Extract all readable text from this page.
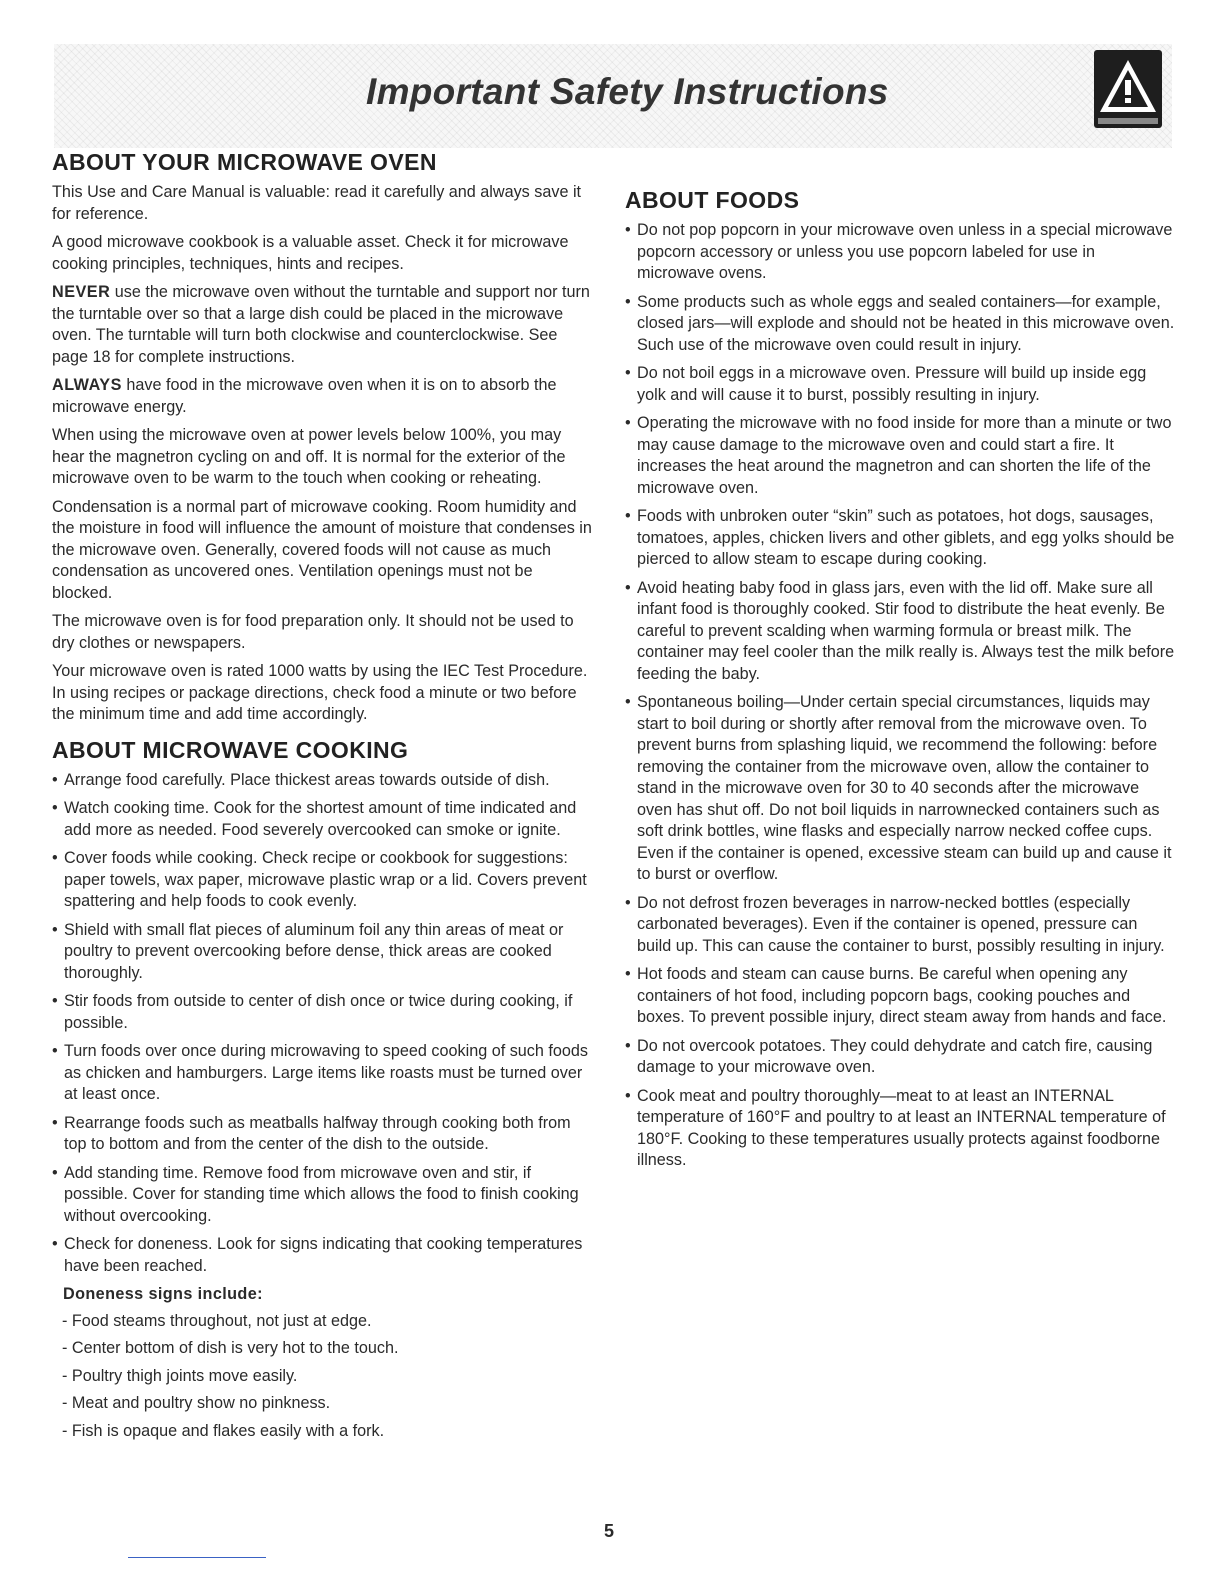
Important Safety Instructions
ABOUT YOUR MICROWAVE OVEN

This Use and Care Manual is valuable: read it carefully and always save it for reference.

A good microwave cookbook is a valuable asset. Check it for microwave cooking principles, techniques, hints and recipes.

NEVER use the microwave oven without the turntable and support nor turn the turntable over so that a large dish could be placed in the microwave oven. The turntable will turn both clockwise and counterclockwise. See page 18 for complete instructions.

ALWAYS have food in the microwave oven when it is on to absorb the microwave energy.

When using the microwave oven at power levels below 100%, you may hear the magnetron cycling on and off. It is normal for the exterior of the microwave oven to be warm to the touch when cooking or reheating.

Condensation is a normal part of microwave cooking. Room humidity and the moisture in food will influence the amount of moisture that condenses in the microwave oven. Generally, covered foods will not cause as much condensation as uncovered ones. Ventilation openings must not be blocked.

The microwave oven is for food preparation only. It should not be used to dry clothes or newspapers.

Your microwave oven is rated 1000 watts by using the IEC Test Procedure. In using recipes or package directions, check food a minute or two before the minimum time and add time accordingly.

ABOUT MICROWAVE COOKING
• Arrange food carefully. Place thickest areas towards outside of dish.
• Watch cooking time. Cook for the shortest amount of time indicated and add more as needed. Food severely overcooked can smoke or ignite.
• Cover foods while cooking. Check recipe or cookbook for suggestions: paper towels, wax paper, microwave plastic wrap or a lid. Covers prevent spattering and help foods to cook evenly.
• Shield with small flat pieces of aluminum foil any thin areas of meat or poultry to prevent overcooking before dense, thick areas are cooked thoroughly.
• Stir foods from outside to center of dish once or twice during cooking, if possible.
• Turn foods over once during microwaving to speed cooking of such foods as chicken and hamburgers. Large items like roasts must be turned over at least once.
• Rearrange foods such as meatballs halfway through cooking both from top to bottom and from the center of the dish to the outside.
• Add standing time. Remove food from microwave oven and stir, if possible. Cover for standing time which allows the food to finish cooking without overcooking.
• Check for doneness. Look for signs indicating that cooking temperatures have been reached.
Doneness signs include:
- Food steams throughout, not just at edge.
- Center bottom of dish is very hot to the touch.
- Poultry thigh joints move easily.
- Meat and poultry show no pinkness.
- Fish is opaque and flakes easily with a fork.
ABOUT FOODS
• Do not pop popcorn in your microwave oven unless in a special microwave popcorn accessory or unless you use popcorn labeled for use in microwave ovens.
• Some products such as whole eggs and sealed containers—for example, closed jars—will explode and should not be heated in this microwave oven. Such use of the microwave oven could result in injury.
• Do not boil eggs in a microwave oven. Pressure will build up inside egg yolk and will cause it to burst, possibly resulting in injury.
• Operating the microwave with no food inside for more than a minute or two may cause damage to the microwave oven and could start a fire. It increases the heat around the magnetron and can shorten the life of the microwave oven.
• Foods with unbroken outer “skin” such as potatoes, hot dogs, sausages, tomatoes, apples, chicken livers and other giblets, and egg yolks should be pierced to allow steam to escape during cooking.
• Avoid heating baby food in glass jars, even with the lid off. Make sure all infant food is thoroughly cooked. Stir food to distribute the heat evenly. Be careful to prevent scalding when warming formula or breast milk. The container may feel cooler than the milk really is. Always test the milk before feeding the baby.
• Spontaneous boiling—Under certain special circumstances, liquids may start to boil during or shortly after removal from the microwave oven. To prevent burns from splashing liquid, we recommend the following: before removing the container from the microwave oven, allow the container to stand in the microwave oven for 30 to 40 seconds after the microwave oven has shut off. Do not boil liquids in narrownecked containers such as soft drink bottles, wine flasks and especially narrow necked coffee cups. Even if the container is opened, excessive steam can build up and cause it to burst or overflow.
• Do not defrost frozen beverages in narrow-necked bottles (especially carbonated beverages). Even if the container is opened, pressure can build up. This can cause the container to burst, possibly resulting in injury.
• Hot foods and steam can cause burns. Be careful when opening any containers of hot food, including popcorn bags, cooking pouches and boxes. To prevent possible injury, direct steam away from hands and face.
• Do not overcook potatoes. They could dehydrate and catch fire, causing damage to your microwave oven.
• Cook meat and poultry thoroughly—meat to at least an INTERNAL temperature of 160°F and poultry to at least an INTERNAL temperature of 180°F. Cooking to these temperatures usually protects against foodborne illness.
5
